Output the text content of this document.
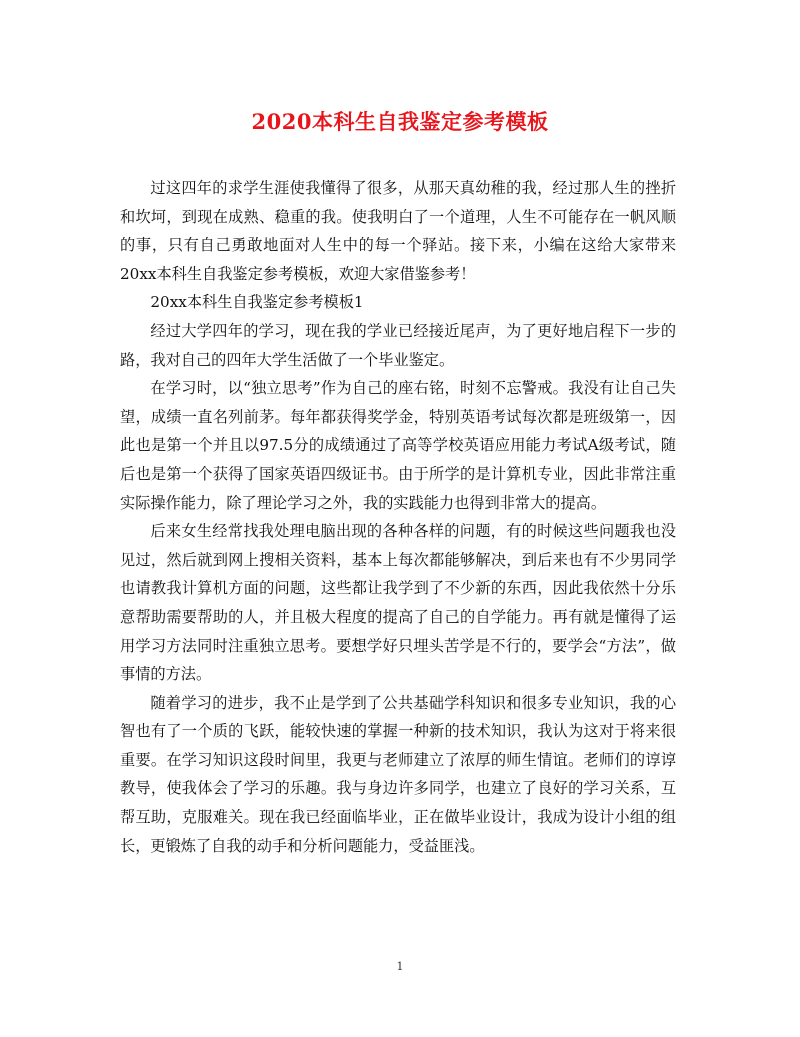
2020本科生自我鉴定参考模板

过这四年的求学生涯使我懂得了很多，从那天真幼稚的我，经过那人生的挫折和坎坷，到现在成熟、稳重的我。使我明白了一个道理，人生不可能存在一帆风顺的事，只有自己勇敢地面对人生中的每一个驿站。接下来，小编在这给大家带来20xx本科生自我鉴定参考模板，欢迎大家借鉴参考！

20xx本科生自我鉴定参考模板1

经过大学四年的学习，现在我的学业已经接近尾声，为了更好地启程下一步的路，我对自己的四年大学生活做了一个毕业鉴定。

在学习时，以“独立思考”作为自己的座右铭，时刻不忘警戒。我没有让自己失望，成绩一直名列前茅。每年都获得奖学金，特别英语考试每次都是班级第一，因此也是第一个并且以97.5分的成绩通过了高等学校英语应用能力考试A级考试，随后也是第一个获得了国家英语四级证书。由于所学的是计算机专业，因此非常注重实际操作能力，除了理论学习之外，我的实践能力也得到非常大的提高。

后来女生经常找我处理电脑出现的各种各样的问题，有的时候这些问题我也没见过，然后就到网上搜相关资料，基本上每次都能够解决，到后来也有不少男同学也请教我计算机方面的问题，这些都让我学到了不少新的东西，因此我依然十分乐意帮助需要帮助的人，并且极大程度的提高了自己的自学能力。再有就是懂得了运用学习方法同时注重独立思考。要想学好只埋头苦学是不行的，要学会“方法”，做事情的方法。

随着学习的进步，我不止是学到了公共基础学科知识和很多专业知识，我的心智也有了一个质的飞跃，能较快速的掌握一种新的技术知识，我认为这对于将来很重要。在学习知识这段时间里，我更与老师建立了浓厚的师生情谊。老师们的谆谆教导，使我体会了学习的乐趣。我与身边许多同学，也建立了良好的学习关系，互帮互助，克服难关。现在我已经面临毕业，正在做毕业设计，我成为设计小组的组长，更锻炼了自我的动手和分析问题能力，受益匪浅。

1
